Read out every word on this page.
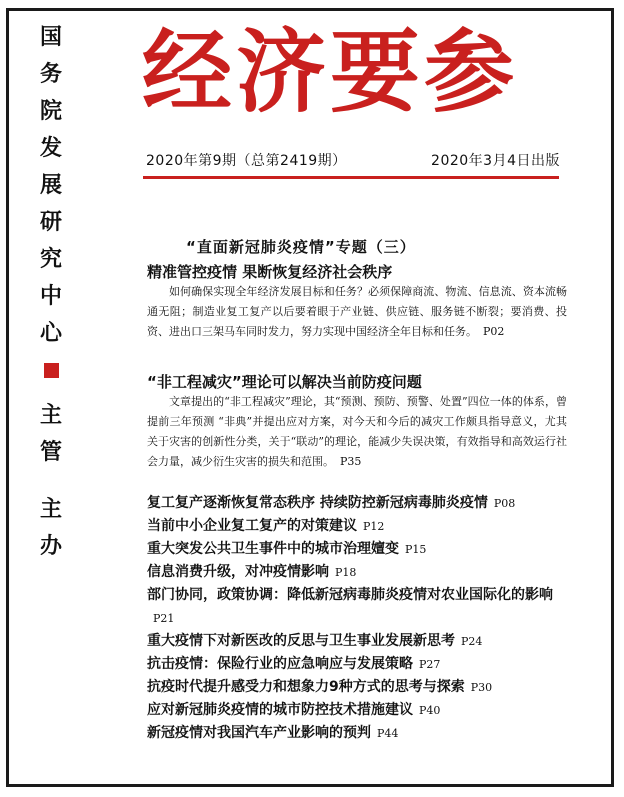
国
务
院
发
展
研
究
中
心
主
管
主
办
经济要参
2020年第9期（总第2419期）	2020年3月4日出版
“直面新冠肺炎疫情”专题（三）
精准管控疫情 果断恢复经济社会秩序

如何确保实现全年经济发展目标和任务？必须保障商流、物流、信息流、资本流畅通无阻；制造业复工复产以后要着眼于产业链、供应链、服务链不断裂；要消费、投资、进出口三架马车同时发力，努力实现中国经济全年目标和任务。 P02

“非工程减灾”理论可以解决当前防疫问题

文章提出的“非工程减灾”理论，其“预测、预防、预警、处置”四位一体的体系，曾提前三年预测 “非典”并提出应对方案，对今天和今后的减灾工作颇具指导意义，尤其关于灾害的创新性分类，关于“联动”的理论，能减少失误决策，有效指导和高效运行社会力量，减少衍生灾害的损失和范围。 P35

复工复产逐渐恢复常态秩序 持续防控新冠病毒肺炎疫情 P08
当前中小企业复工复产的对策建议 P12
重大突发公共卫生事件中的城市治理嬗变 P15
信息消费升级，对冲疫情影响 P18
部门协同，政策协调：降低新冠病毒肺炎疫情对农业国际化的影响P21
重大疫情下对新医改的反思与卫生事业发展新思考 P24
抗击疫情：保险行业的应急响应与发展策略 P27
抗疫时代提升感受力和想象力9种方式的思考与探索 P30
应对新冠肺炎疫情的城市防控技术措施建议 P40
新冠疫情对我国汽车产业影响的预判 P44
